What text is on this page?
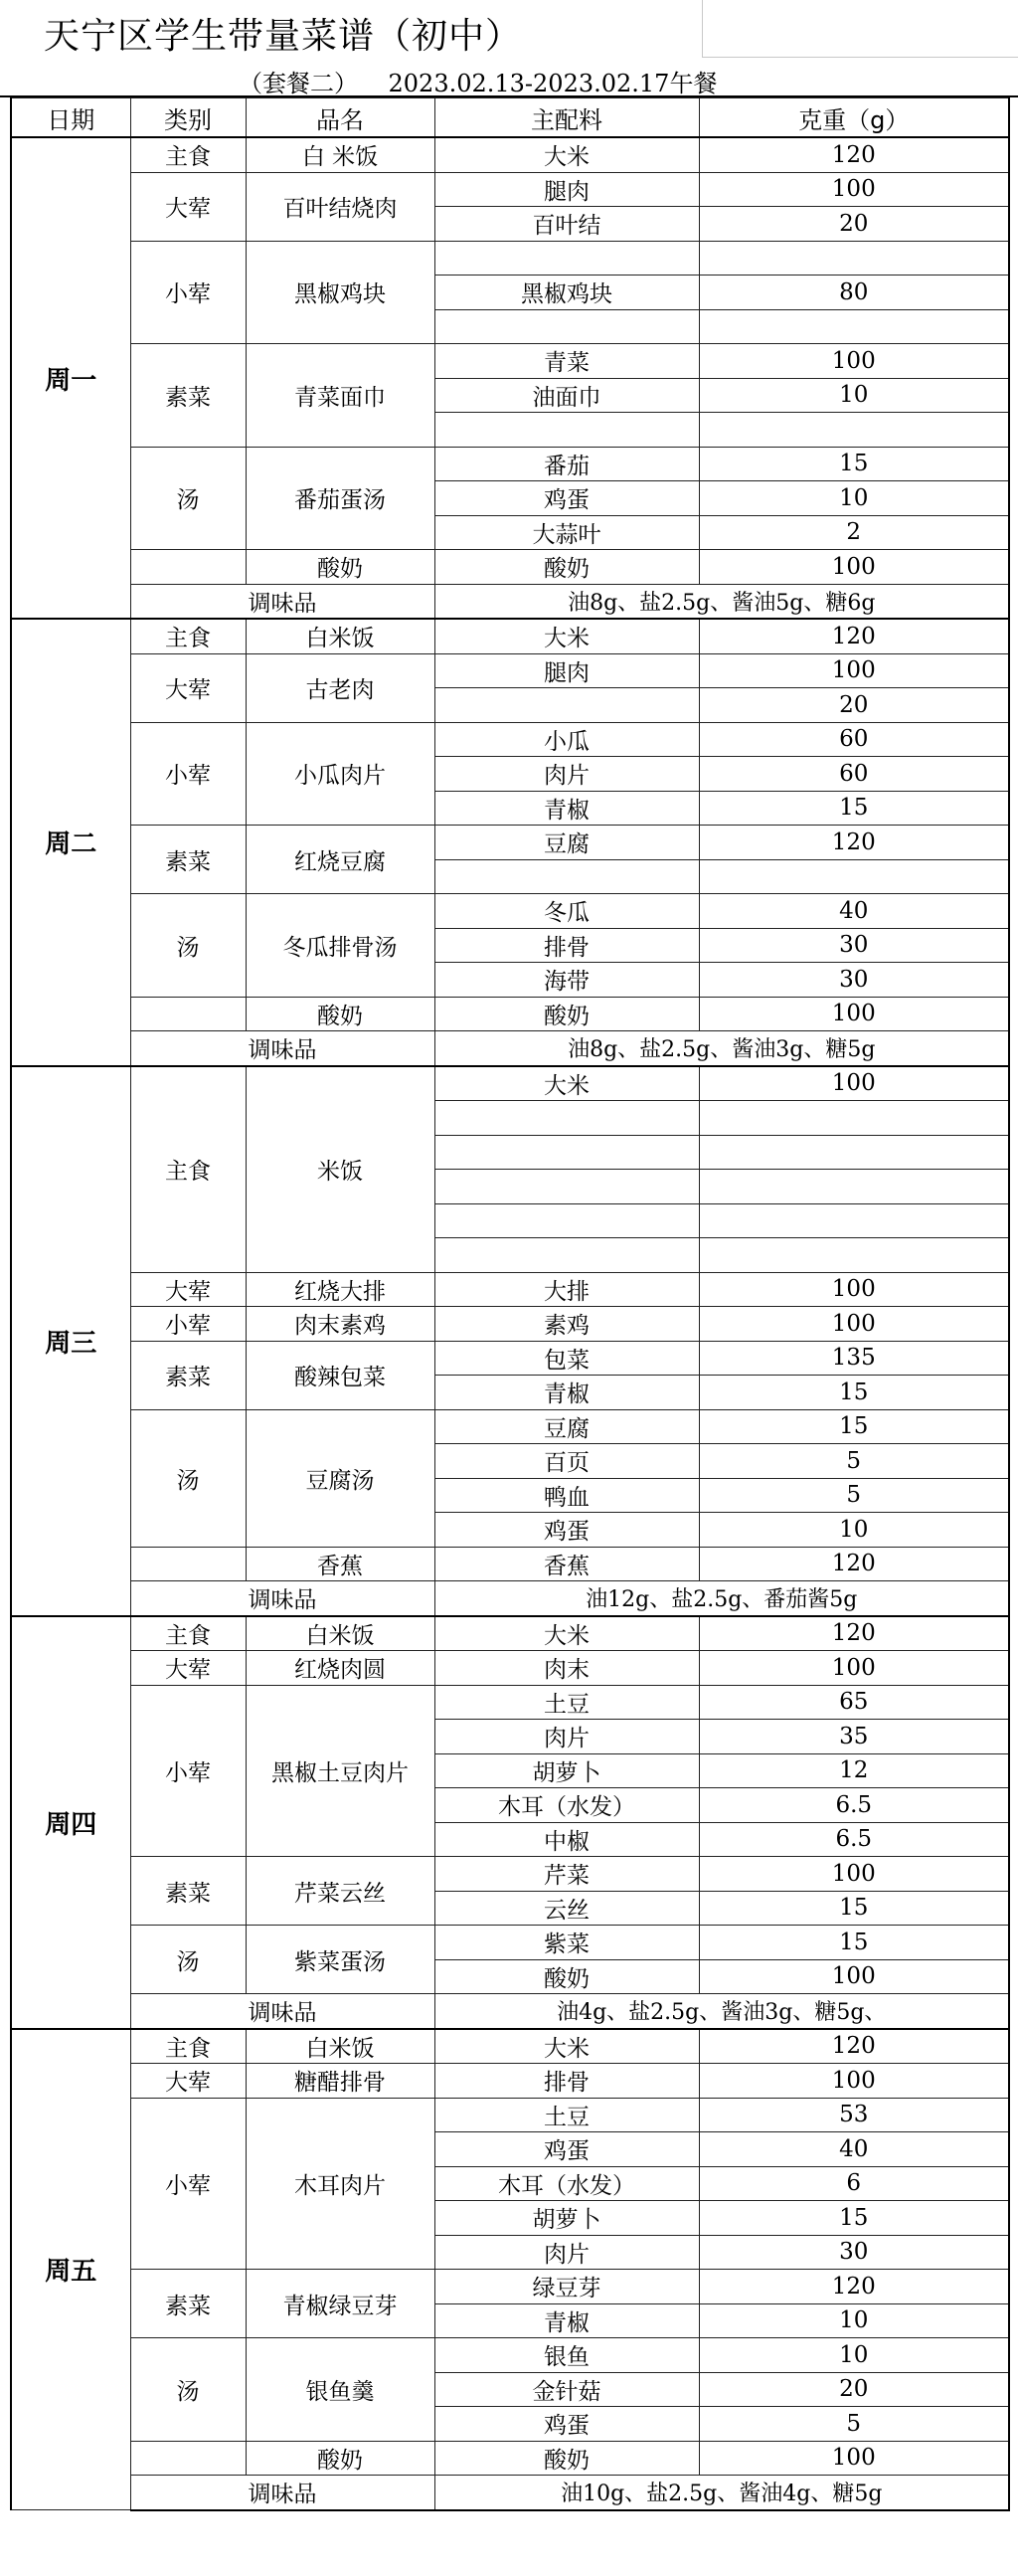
天宁区学生带量菜谱（初中）
（套餐二）    2023.02.13-2023.02.17午餐
日期	类别	品名	主配料	克重（g）
周一	主食	白 米饭	大米	120
	大荤	百叶结烧肉	腿肉	100
			百叶结	20
	小荤	黑椒鸡块		
			黑椒鸡块	80

	素菜	青菜面巾	青菜	100
			油面巾	10

	汤	番茄蛋汤	番茄	15
			鸡蛋	10
			大蒜叶	2
		酸奶	酸奶	100
	调味品		油8g、盐2.5g、酱油5g、糖6g	
周二	主食	白米饭	大米	120
	大荤	古老肉	腿肉	100
				20
	小荤	小瓜肉片	小瓜	60
			肉片	60
			青椒	15
	素菜	红烧豆腐	豆腐	120

	汤	冬瓜排骨汤	冬瓜	40
			排骨	30
			海带	30
		酸奶	酸奶	100
	调味品		油8g、盐2.5g、酱油3g、糖5g	
周三	主食	米饭	大米	100

	大荤	红烧大排	大排	100
	小荤	肉末素鸡	素鸡	100
	素菜	酸辣包菜	包菜	135
			青椒	15
	汤	豆腐汤	豆腐	15
			百页	5
			鸭血	5
			鸡蛋	10
		香蕉	香蕉	120
	调味品		油12g、盐2.5g、番茄酱5g	
周四	主食	白米饭	大米	120
	大荤	红烧肉圆	肉末	100
	小荤	黑椒土豆肉片	土豆	65
			肉片	35
			胡萝卜	12
			木耳（水发）	6.5
			中椒	6.5
	素菜	芹菜云丝	芹菜	100
			云丝	15
	汤	紫菜蛋汤	紫菜	15
			酸奶	100
	调味品		油4g、盐2.5g、酱油3g、糖5g、	
周五	主食	白米饭	大米	120
	大荤	糖醋排骨	排骨	100
	小荤	木耳肉片	土豆	53
			鸡蛋	40
			木耳（水发）	6
			胡萝卜	15
			肉片	30
	素菜	青椒绿豆芽	绿豆芽	120
			青椒	10
	汤	银鱼羹	银鱼	10
			金针菇	20
			鸡蛋	5
		酸奶	酸奶	100
	调味品		油10g、盐2.5g、酱油4g、糖5g	
